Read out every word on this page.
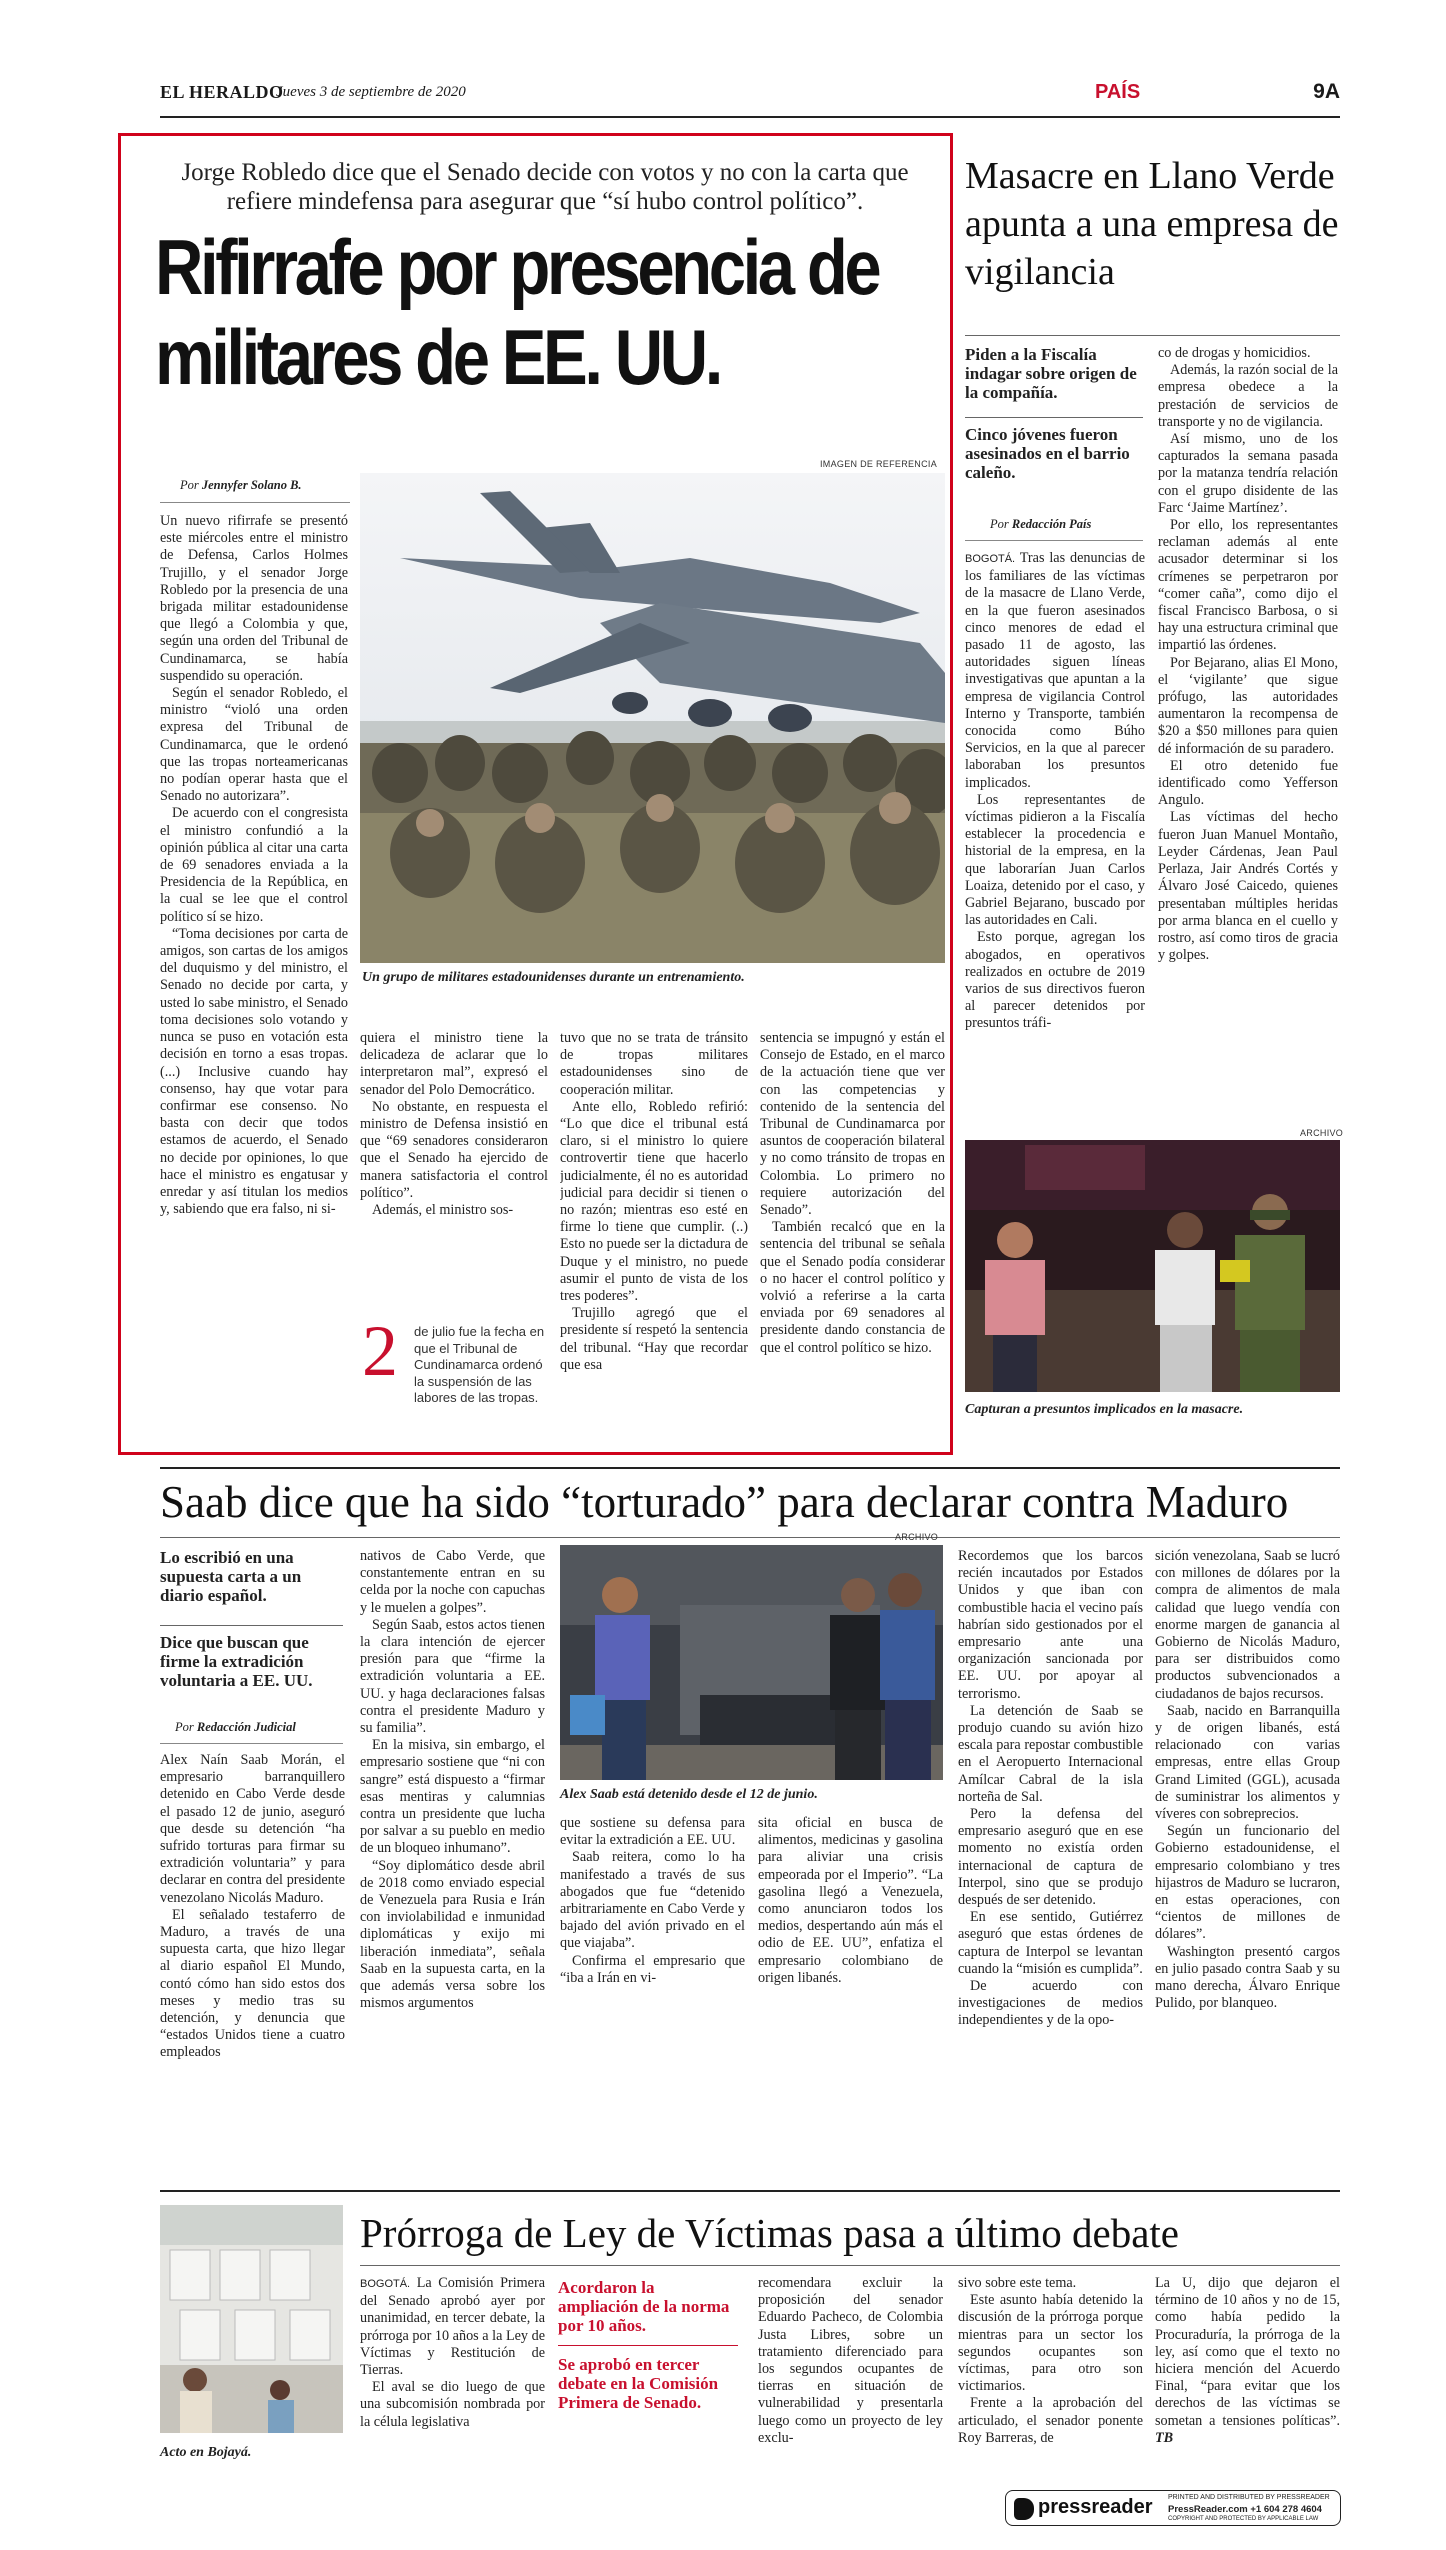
EL HERALDO
Jueves 3 de septiembre de 2020	PAÍS	9A
Jorge Robledo dice que el Senado decide con votos y no con la carta que refiere mindefensa para asegurar que “sí hubo control político”.
Rifirrafe por presencia de militares de EE. UU.
IMAGEN DE REFERENCIA
Por Jennyfer Solano B.
Un grupo de militares estadounidenses durante un entrenamiento.

Un nuevo rifirrafe se presentó este miércoles entre el ministro de Defensa, Carlos Holmes Trujillo, y el senador Jorge Robledo por la presencia de una brigada militar estadounidense que llegó a Colombia y que, según una orden del Tribunal de Cundinamarca, se había suspendido su operación.

Según el senador Robledo, el ministro “violó una orden expresa del Tribunal de Cundinamarca, que le ordenó que las tropas norteamericanas no podían operar hasta que el Senado no autorizara”.

De acuerdo con el congresista el ministro confundió a la opinión pública al citar una carta de 69 senadores enviada a la Presidencia de la República, en la cual se lee que el control político sí se hizo.

“Toma decisiones por carta de amigos, son cartas de los amigos del duquismo y del ministro, el Senado no decide por carta, y usted lo sabe ministro, el Senado toma decisiones solo votando y nunca se puso en votación esta decisión en torno a esas tropas. (...) Inclusive cuando hay consenso, hay que votar para confirmar ese consenso. No basta con decir que todos estamos de acuerdo, el Senado no decide por opiniones, lo que hace el ministro es engatusar y enredar y así titulan los medios y, sabiendo que era falso, ni si-

quiera el ministro tiene la delicadeza de aclarar que lo interpretaron mal”, expresó el senador del Polo Democrático.

No obstante, en respuesta el ministro de Defensa insistió en que “69 senadores consideraron que el Senado ha ejercido de manera satisfactoria el control político”.

Además, el ministro sos-

2 de julio fue la fecha en que el Tribunal de Cundinamarca ordenó la suspensión de las labores de las tropas.

tuvo que no se trata de tránsito de tropas militares estadounidenses sino de cooperación militar.

Ante ello, Robledo refirió: “Lo que dice el tribunal está claro, si el ministro lo quiere controvertir tiene que hacerlo judicialmente, él no es autoridad judicial para decidir si tienen o no razón; mientras eso esté en firme lo tiene que cumplir. (..) Esto no puede ser la dictadura de Duque y el ministro, no puede asumir el punto de vista de los tres poderes”.

Trujillo agregó que el presidente sí respetó la sentencia del tribunal. “Hay que recordar que esa

sentencia se impugnó y están el Consejo de Estado, en el marco de la actuación tiene que ver con las competencias y contenido de la sentencia del Tribunal de Cundinamarca por asuntos de cooperación bilateral y no como tránsito de tropas en Colombia. Lo primero no requiere autorización del Senado”.

También recalcó que en la sentencia del tribunal se señala que el Senado podía considerar o no hacer el control político y volvió a referirse a la carta enviada por 69 senadores al presidente dando constancia de que el control político se hizo.

Masacre en Llano Verde apunta a una empresa de vigilancia
Piden a la Fiscalía indagar sobre origen de la compañía.
Cinco jóvenes fueron asesinados en el barrio caleño.
Por Redacción País

BOGOTÁ. Tras las denuncias de los familiares de las víctimas de la masacre de Llano Verde, en la que fueron asesinados cinco menores de edad el pasado 11 de agosto, las autoridades siguen líneas investigativas que apuntan a la empresa de vigilancia Control Interno y Transporte, también conocida como Búho Servicios, en la que al parecer laboraban los presuntos implicados.

Los representantes de víctimas pidieron a la Fiscalía establecer la procedencia e historial de la empresa, en la que laborarían Juan Carlos Loaiza, detenido por el caso, y Gabriel Bejarano, buscado por las autoridades en Cali.

Esto porque, agregan los abogados, en operativos realizados en octubre de 2019 varios de sus directivos fueron al parecer detenidos por presuntos tráfi-

co de drogas y homicidios.

Además, la razón social de la empresa obedece a la prestación de servicios de transporte y no de vigilancia.

Así mismo, uno de los capturados la semana pasada por la matanza tendría relación con el grupo disidente de las Farc ‘Jaime Martínez’.

Por ello, los representantes reclaman además al ente acusador determinar si los crímenes se perpetraron por “comer caña”, como dijo el fiscal Francisco Barbosa, o si hay una estructura criminal que impartió las órdenes.

Por Bejarano, alias El Mono, el ‘vigilante’ que sigue prófugo, las autoridades aumentaron la recompensa de $20 a $50 millones para quien dé información de su paradero.

El otro detenido fue identificado como Yefferson Angulo.

Las víctimas del hecho fueron Juan Manuel Montaño, Leyder Cárdenas, Jean Paul Perlaza, Jair Andrés Cortés y Álvaro José Caicedo, quienes presentaban múltiples heridas por arma blanca en el cuello y rostro, así como tiros de gracia y golpes.

ARCHIVO
Capturan a presuntos implicados en la masacre.
Saab dice que ha sido “torturado” para declarar contra Maduro
Lo escribió en una supuesta carta a un diario español.
Dice que buscan que firme la extradición voluntaria a EE. UU.
Por Redacción Judicial

Alex Naín Saab Morán, el empresario barranquillero detenido en Cabo Verde desde el pasado 12 de junio, aseguró que desde su detención “ha sufrido torturas para firmar su extradición voluntaria” y para declarar en contra del presidente venezolano Nicolás Maduro.

El señalado testaferro de Maduro, a través de una supuesta carta, que hizo llegar al diario español El Mundo, contó cómo han sido estos dos meses y medio tras su detención, y denuncia que “estados Unidos tiene a cuatro empleados

nativos de Cabo Verde, que constantemente entran en su celda por la noche con capuchas y le muelen a golpes”.

Según Saab, estos actos tienen la clara intención de ejercer presión para que “firme la extradición voluntaria a EE. UU. y haga declaraciones falsas contra el presidente Maduro y su familia”.

En la misiva, sin embargo, el empresario sostiene que “ni con sangre” está dispuesto a “firmar esas mentiras y calumnias contra un presidente que lucha por salvar a su pueblo en medio de un bloqueo inhumano”.

“Soy diplomático desde abril de 2018 como enviado especial de Venezuela para Rusia e Irán con inviolabilidad e inmunidad diplomáticas y exijo mi liberación inmediata”, señala Saab en la supuesta carta, en la que además versa sobre los mismos argumentos

ARCHIVO
Alex Saab está detenido desde el 12 de junio.

que sostiene su defensa para evitar la extradición a EE. UU.

Saab reitera, como lo ha manifestado a través de sus abogados que fue “detenido arbitrariamente en Cabo Verde y bajado del avión privado en el que viajaba”.

Confirma el empresario que “iba a Irán en vi-

sita oficial en busca de alimentos, medicinas y gasolina para aliviar una crisis empeorada por el Imperio”. “La gasolina llegó a Venezuela, como anunciaron todos los medios, despertando aún más el odio de EE. UU”, enfatiza el empresario colombiano de origen libanés.

Recordemos que los barcos recién incautados por Estados Unidos y que iban con combustible hacia el vecino país habrían sido gestionados por el empresario ante una organización sancionada por EE. UU. por apoyar al terrorismo.

La detención de Saab se produjo cuando su avión hizo escala para repostar combustible en el Aeropuerto Internacional Amílcar Cabral de la isla norteña de Sal.

Pero la defensa del empresario aseguró que en ese momento no existía orden internacional de captura de Interpol, sino que se produjo después de ser detenido.

En ese sentido, Gutiérrez aseguró que estas órdenes de captura de Interpol se levantan cuando la “misión es cumplida”.

De acuerdo con investigaciones de medios independientes y de la opo-

sición venezolana, Saab se lucró con millones de dólares por la compra de alimentos de mala calidad que luego vendía con enorme margen de ganancia al Gobierno de Nicolás Maduro, para ser distribuidos como productos subvencionados a ciudadanos de bajos recursos.

Saab, nacido en Barranquilla y de origen libanés, está relacionado con varias empresas, entre ellas Group Grand Limited (GGL), acusada de suministrar los alimentos y víveres con sobreprecios.

Según un funcionario del Gobierno estadounidense, el empresario colombiano y tres hijastros de Maduro se lucraron, en estas operaciones, con “cientos de millones de dólares”.

Washington presentó cargos en julio pasado contra Saab y su mano derecha, Álvaro Enrique Pulido, por blanqueo.

Acto en Bojayá.
Prórroga de Ley de Víctimas pasa a último debate

BOGOTÁ. La Comisión Primera del Senado aprobó ayer por unanimidad, en tercer debate, la prórroga por 10 años a la Ley de Víctimas y Restitución de Tierras.

El aval se dio luego de que una subcomisión nombrada por la célula legislativa

Acordaron la ampliación de la norma por 10 años.
Se aprobó en tercer debate en la Comisión Primera de Senado.

recomendara excluir la proposición del senador Eduardo Pacheco, de Colombia Justa Libres, sobre un tratamiento diferenciado para los segundos ocupantes de tierras en situación de vulnerabilidad y presentarla luego como un proyecto de ley exclu-

sivo sobre este tema.

Este asunto había detenido la discusión de la prórroga porque mientras para un sector los segundos ocupantes son víctimas, para otro son victimarios.

Frente a la aprobación del articulado, el senador ponente Roy Barreras, de

La U, dijo que dejaron el término de 10 años y no de 15, como había pedido la Procuraduría, la prórroga de la ley, así como que el texto no hiciera mención del Acuerdo Final, “para evitar que los derechos de las víctimas se sometan a tensiones políticas”. TB

pressreader PRINTED AND DISTRIBUTED BY PRESSREADER
PressReader.com +1 604 278 4604
COPYRIGHT AND PROTECTED BY APPLICABLE LAW
